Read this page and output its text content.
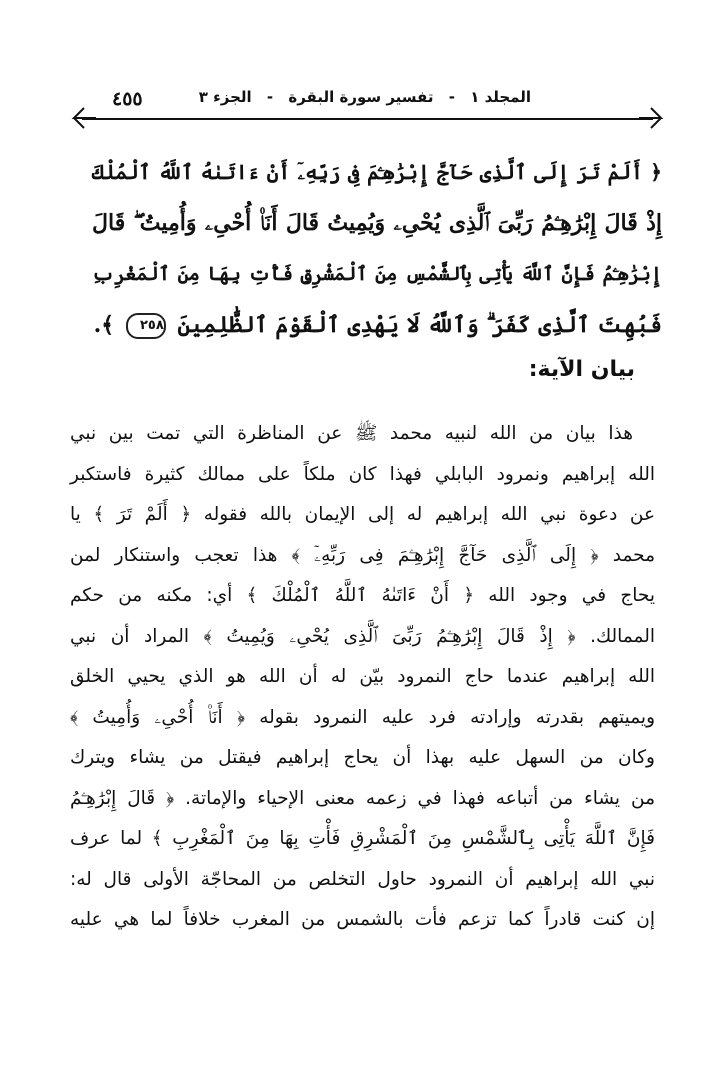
٤٥٥	المجلد ١ - تفسير سورة البقرة - الجزء ٣
﴿ أَلَمْ تَرَ إِلَى ٱلَّذِى حَآجَّ إِبْرَٰهِـۧمَ فِى رَبِّهِۦٓ أَنْ ءَاتَىٰهُ ٱللَّهُ ٱلْمُلْكَ
إِذْ قَالَ إِبْرَٰهِـۧمُ رَبِّىَ ٱلَّذِى يُحْىِۦ وَيُمِيتُ قَالَ أَنَا۠ أُحْىِۦ وَأُمِيتُ ۖ قَالَ
إِبْرَٰهِـۧمُ فَإِنَّ ٱللَّهَ يَأْتِى بِٱلشَّمْسِ مِنَ ٱلْمَشْرِقِ فَأْتِ بِهَا مِنَ ٱلْمَغْرِبِ
فَبُهِتَ ٱلَّذِى كَفَرَ ۗ وَٱللَّهُ لَا يَهْدِى ٱلْقَوْمَ ٱلظَّٰلِمِينَ ٢٥٨ ﴾.
بيان الآية:
هذا بيان من الله لنبيه محمد ﷺ عن المناظرة التي تمت بين نبي
الله إبراهيم ونمرود البابلي فهذا كان ملكاً على ممالك كثيرة فاستكبر
عن دعوة نبي الله إبراهيم له إلى الإيمان بالله فقوله ﴿ أَلَمْ تَرَ ﴾ يا
محمد ﴿ إِلَى ٱلَّذِى حَآجَّ إِبْرَٰهِـۧمَ فِى رَبِّهِۦٓ ﴾ هذا تعجب واستنكار لمن
يحاج في وجود الله ﴿ أَنْ ءَاتَىٰهُ ٱللَّهُ ٱلْمُلْكَ ﴾ أي: مكنه من حكم
الممالك. ﴿ إِذْ قَالَ إِبْرَٰهِـۧمُ رَبِّىَ ٱلَّذِى يُحْىِۦ وَيُمِيتُ ﴾ المراد أن نبي
الله إبراهيم عندما حاج النمرود بيّن له أن الله هو الذي يحيي الخلق
ويميتهم بقدرته وإرادته فرد عليه النمرود بقوله ﴿ أَنَا۠ أُحْىِۦ وَأُمِيتُ ﴾
وكان من السهل عليه بهذا أن يحاج إبراهيم فيقتل من يشاء ويترك
من يشاء من أتباعه فهذا في زعمه معنى الإحياء والإماتة. ﴿ قَالَ إِبْرَٰهِـۧمُ
فَإِنَّ ٱللَّهَ يَأْتِى بِٱلشَّمْسِ مِنَ ٱلْمَشْرِقِ فَأْتِ بِهَا مِنَ ٱلْمَغْرِبِ ﴾ لما عرف
نبي الله إبراهيم أن النمرود حاول التخلص من المحاجّة الأولى قال له:
إن كنت قادراً كما تزعم فأت بالشمس من المغرب خلافاً لما هي عليه
